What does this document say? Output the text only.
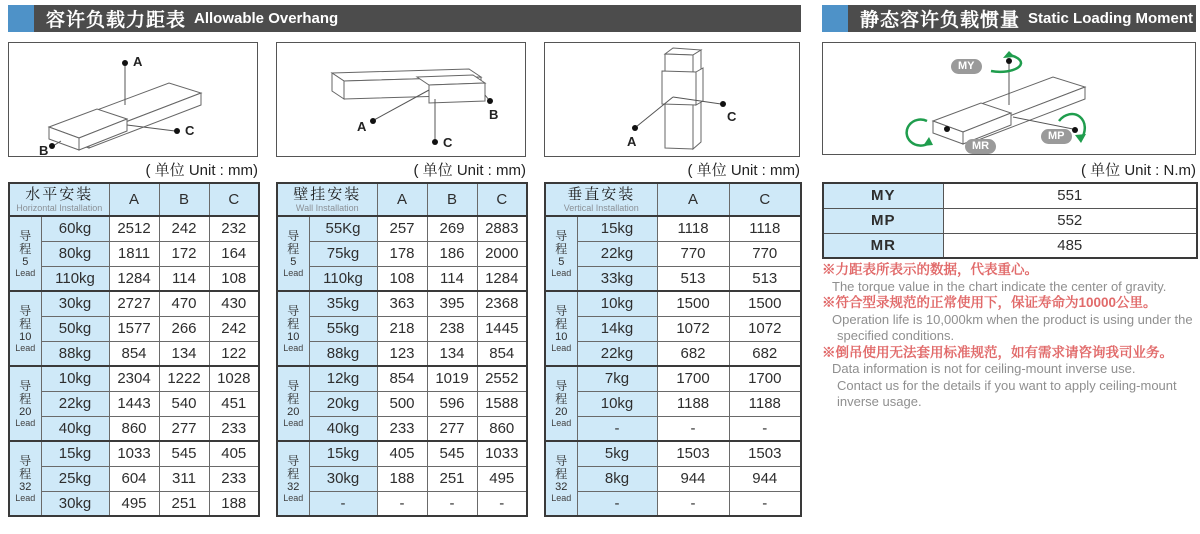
容许负载力距表 Allowable Overhang	静态容许负载惯量 Static Loading Moment
A
B
C	A
B
C	A
C
MY
MP
MR
( 单位 Unit : mm)	( 单位 Unit : mm)	( 单位 Unit : mm)	( 单位 Unit : N.m)
水平安装
Horizontal Installation		A	B	C

导
程
5
Lead	60kg	2512	242	232
	80kg	1811	172	164
	110kg	1284	114	108

导
程
10
Lead	30kg	2727	470	430
	50kg	1577	266	242
	88kg	854	134	122

导
程
20
Lead	10kg	2304	1222	1028
	22kg	1443	540	451
	40kg	860	277	233

导
程
32
Lead	15kg	1033	545	405
	25kg	604	311	233
	30kg	495	251	188
壁挂安装
Wall Installation		A	B	C

导
程
5
Lead	55Kg	257	269	2883
	75kg	178	186	2000
	110kg	108	114	1284

导
程
10
Lead	35kg	363	395	2368
	55kg	218	238	1445
	88kg	123	134	854

导
程
20
Lead	12kg	854	1019	2552
	20kg	500	596	1588
	40kg	233	277	860

导
程
32
Lead	15kg	405	545	1033
	30kg	188	251	495
	-	-	-	-
垂直安装
Vertical Installation		A	C

导
程
5
Lead	15kg	1118	1118
	22kg	770	770
	33kg	513	513

导
程
10
Lead	10kg	1500	1500
	14kg	1072	1072
	22kg	682	682

导
程
20
Lead	7kg	1700	1700
	10kg	1188	1188
	-	-	-

导
程
32
Lead	5kg	1503	1503
	8kg	944	944
	-	-	-
MY	551
MP	552
MR	485
※力距表所表示的数据，代表重心。
The torque value in the chart indicate the center of gravity.
※符合型录规范的正常使用下，保证寿命为10000公里。
Operation life is 10,000km when the product is using under the
specified conditions.
※倒吊使用无法套用标准规范，如有需求请咨询我司业务。
Data information is not for ceiling-mount inverse use.
Contact us for the details if you want to apply ceiling-mount
inverse usage.
